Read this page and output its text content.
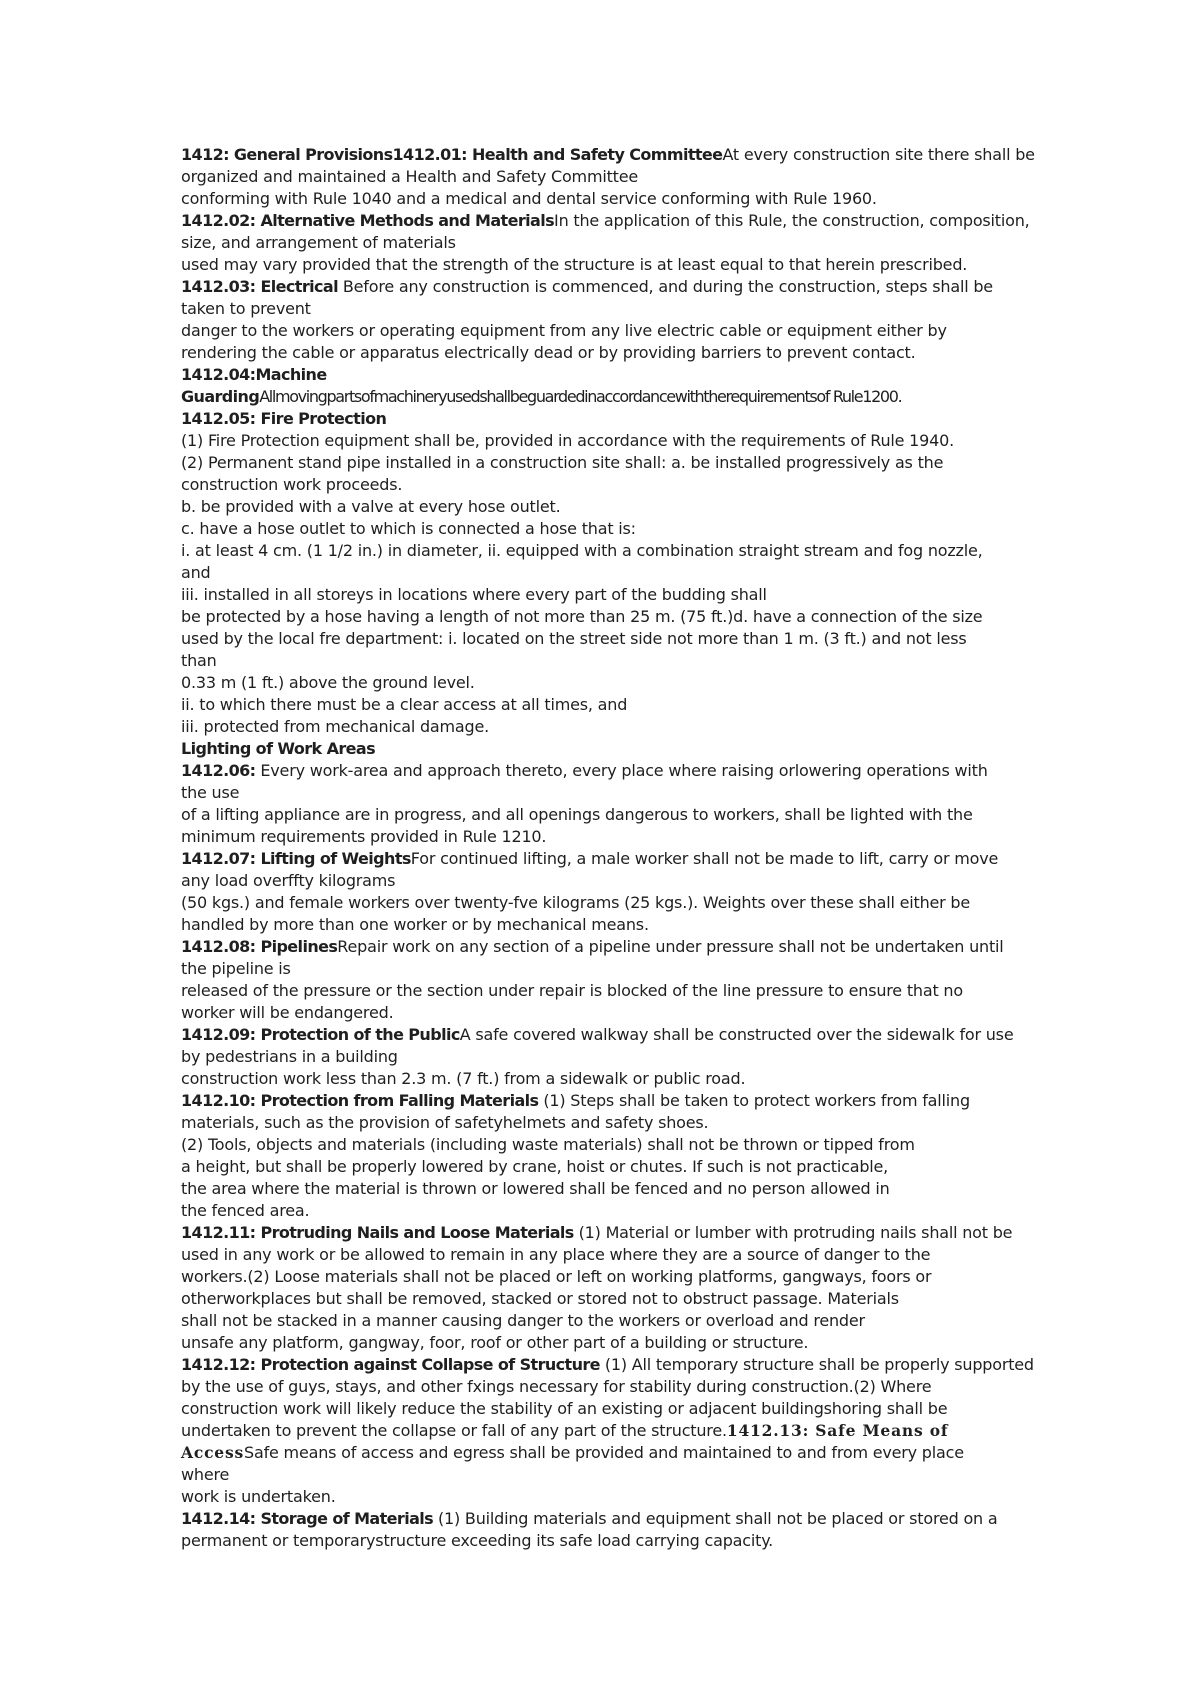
1412: General Provisions1412.01: Health and Safety CommitteeAt every construction site there shall be
organized and maintained a Health and Safety Committee
conforming with Rule 1040 and a medical and dental service conforming with Rule 1960.
1412.02: Alternative Methods and MaterialsIn the application of this Rule, the construction, composition,
size, and arrangement of materials
used may vary provided that the strength of the structure is at least equal to that herein prescribed.
1412.03: Electrical Before any construction is commenced, and during the construction, steps shall be
taken to prevent
danger to the workers or operating equipment from any live electric cable or equipment either by
rendering the cable or apparatus electrically dead or by providing barriers to prevent contact.
1412.04:Machine
GuardingAllmovingpartsofmachineryusedshallbeguardedinaccordancewiththerequirementsof Rule1200.
1412.05: Fire Protection
(1) Fire Protection equipment shall be, provided in accordance with the requirements of Rule 1940.
(2) Permanent stand pipe installed in a construction site shall: a. be installed progressively as the
construction work proceeds.
b. be provided with a valve at every hose outlet.
c. have a hose outlet to which is connected a hose that is:
i. at least 4 cm. (1 1/2 in.) in diameter, ii. equipped with a combination straight stream and fog nozzle,
and
iii. installed in all storeys in locations where every part of the budding shall
be protected by a hose having a length of not more than 25 m. (75 ft.)d. have a connection of the size
used by the local fre department: i. located on the street side not more than 1 m. (3 ft.) and not less
than
0.33 m (1 ft.) above the ground level.
ii. to which there must be a clear access at all times, and
iii. protected from mechanical damage.
Lighting of Work Areas
1412.06: Every work-area and approach thereto, every place where raising orlowering operations with
the use
of a lifting appliance are in progress, and all openings dangerous to workers, shall be lighted with the
minimum requirements provided in Rule 1210.
1412.07: Lifting of WeightsFor continued lifting, a male worker shall not be made to lift, carry or move
any load overffty kilograms
(50 kgs.) and female workers over twenty-fve kilograms (25 kgs.). Weights over these shall either be
handled by more than one worker or by mechanical means.
1412.08: PipelinesRepair work on any section of a pipeline under pressure shall not be undertaken until
the pipeline is
released of the pressure or the section under repair is blocked of the line pressure to ensure that no
worker will be endangered.
1412.09: Protection of the PublicA safe covered walkway shall be constructed over the sidewalk for use
by pedestrians in a building
construction work less than 2.3 m. (7 ft.) from a sidewalk or public road.
1412.10: Protection from Falling Materials (1) Steps shall be taken to protect workers from falling
materials, such as the provision of safetyhelmets and safety shoes.
(2) Tools, objects and materials (including waste materials) shall not be thrown or tipped from
a height, but shall be properly lowered by crane, hoist or chutes. If such is not practicable,
the area where the material is thrown or lowered shall be fenced and no person allowed in
the fenced area.
1412.11: Protruding Nails and Loose Materials (1) Material or lumber with protruding nails shall not be
used in any work or be allowed to remain in any place where they are a source of danger to the
workers.(2) Loose materials shall not be placed or left on working platforms, gangways, foors or
otherworkplaces but shall be removed, stacked or stored not to obstruct passage. Materials
shall not be stacked in a manner causing danger to the workers or overload and render
unsafe any platform, gangway, foor, roof or other part of a building or structure.
1412.12: Protection against Collapse of Structure (1) All temporary structure shall be properly supported
by the use of guys, stays, and other fxings necessary for stability during construction.(2) Where
construction work will likely reduce the stability of an existing or adjacent buildingshoring shall be
undertaken to prevent the collapse or fall of any part of the structure.1412.13: Safe Means of
AccessSafe means of access and egress shall be provided and maintained to and from every place
where
work is undertaken.
1412.14: Storage of Materials (1) Building materials and equipment shall not be placed or stored on a
permanent or temporarystructure exceeding its safe load carrying capacity.
